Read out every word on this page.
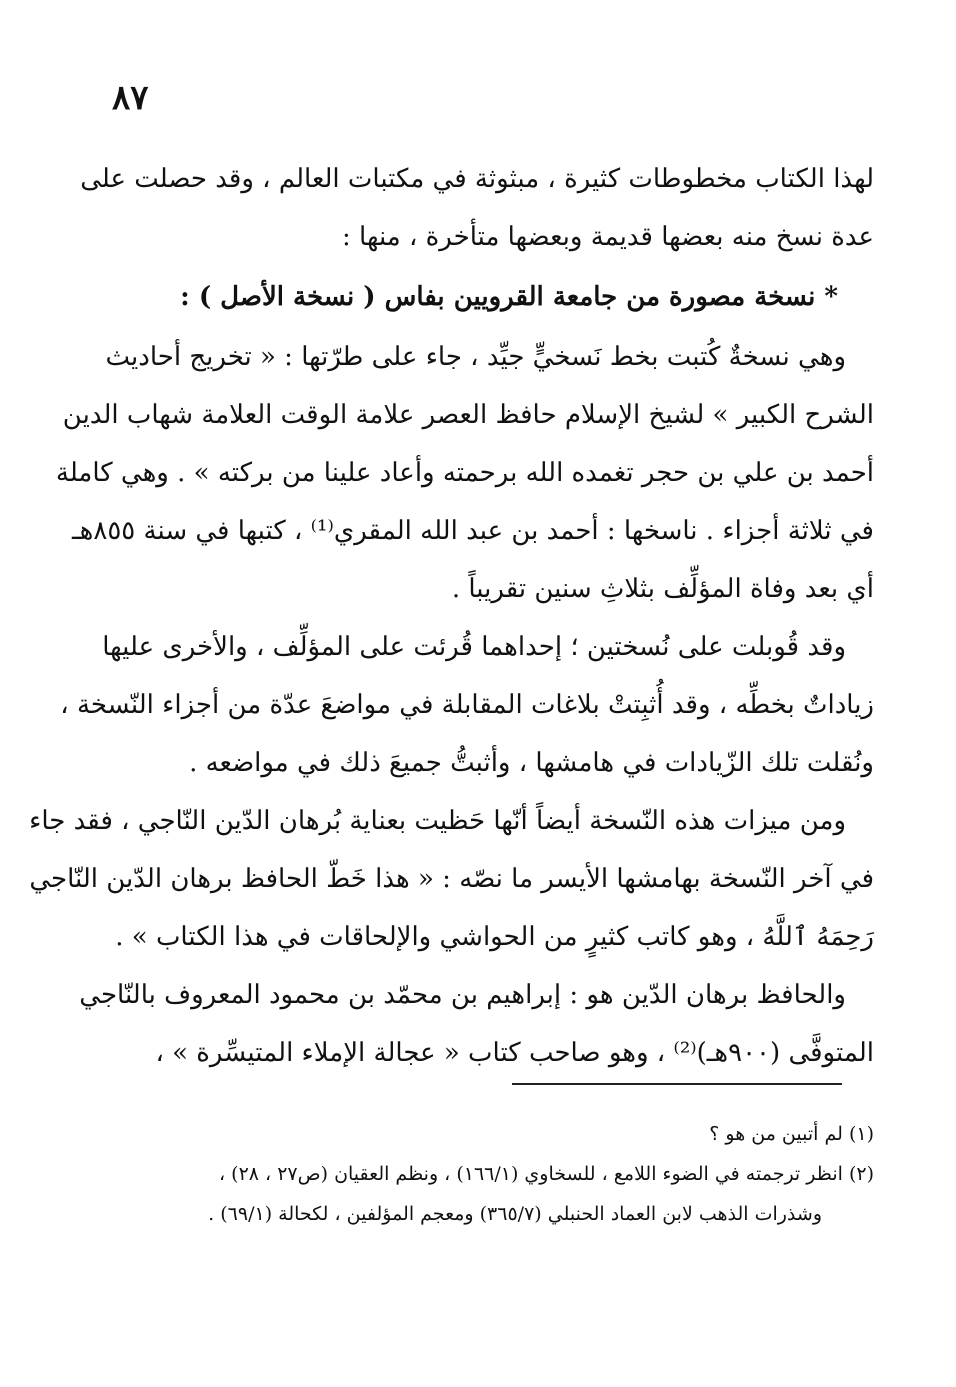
٨٧
لهذا الكتاب مخطوطات كثيرة ، مبثوثة في مكتبات العالم ، وقد حصلت على
عدة نسخ منه بعضها قديمة وبعضها متأخرة ، منها :
* نسخة مصورة من جامعة القرويين بفاس ( نسخة الأصل ) :
وهي نسخةٌ كُتبت بخط نَسخيٍّ جيِّد ، جاء على طرّتها : « تخريج أحاديث
الشرح الكبير » لشيخ الإسلام حافظ العصر علامة الوقت العلامة شهاب الدين
أحمد بن علي بن حجر تغمده الله برحمته وأعاد علينا من بركته » . وهي كاملة
في ثلاثة أجزاء . ناسخها : أحمد بن عبد الله المقري⁽¹⁾ ، كتبها في سنة ٨٥٥هـ
أي بعد وفاة المؤلِّف بثلاثِ سنين تقريباً .
وقد قُوبلت على نُسختين ؛ إحداهما قُرئت على المؤلِّف ، والأخرى عليها
زياداتٌ بخطِّه ، وقد أُثبِتتْ بلاغات المقابلة في مواضعَ عدّة من أجزاء النّسخة ،
ونُقلت تلك الزّيادات في هامشها ، وأثبتُّ جميعَ ذلك في مواضعه .
ومن ميزات هذه النّسخة أيضاً أنّها حَظيت بعناية بُرهان الدّين النّاجي ، فقد جاء
في آخر النّسخة بهامشها الأيسر ما نصّه : « هذا خَطّ الحافظ برهان الدّين النّاجي
رَحِمَهُ ٱللَّهُ ، وهو كاتب كثيرٍ من الحواشي والإلحاقات في هذا الكتاب » .
والحافظ برهان الدّين هو : إبراهيم بن محمّد بن محمود المعروف بالنّاجي
المتوفَّى (٩٠٠هـ)⁽²⁾ ، وهو صاحب كتاب « عجالة الإملاء المتيسِّرة » ،
(١) لم أتبين من هو ؟
(٢) انظر ترجمته في الضوء اللامع ، للسخاوي (١٦٦/١) ، ونظم العقيان (ص٢٧ ، ٢٨) ،
وشذرات الذهب لابن العماد الحنبلي (٣٦٥/٧) ومعجم المؤلفين ، لكحالة (٦٩/١) .
